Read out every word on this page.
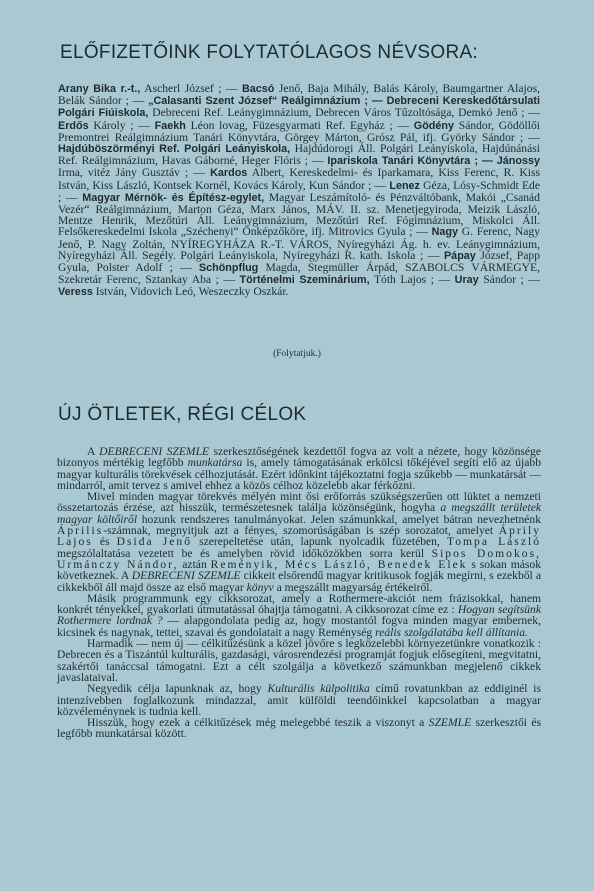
ELŐFIZETŐINK FOLYTATÓLAGOS NÉVSORA:
Arany Bika r.-t., Ascherl József ; — Bacsó Jenő, Baja Mihály, Balás Károly, Baumgartner Alajos, Belák Sándor ; — „Calasanti Szent József“ Reálgimnázium ; — Debreceni Kereskedőtársulati Polgári Fiúiskola, Debreceni Ref. Leánygimnázium, Debrecen Város Tűzoltósága, Demkó Jenő ; — Erdős Károly ; — Faekh Léon lovag, Füzesgyarmati Ref. Egyház ; — Gödény Sándor, Gödöllői Premontrei Reálgimnázium Tanári Könyvtára, Görgey Márton, Grósz Pál, ifj. Györky Sándor ; — Hajdúböszörményi Ref. Polgári Leányiskola, Hajdúdorogi Áll. Polgári Leányiskola, Hajdúnánási Ref. Reálgimnázium, Havas Gáborné, Heger Flóris ; — Ipariskola Tanári Könyvtára ; — Jánossy Irma, vitéz Jány Gusztáv ; — Kardos Albert, Kereskedelmi- és Iparkamara, Kiss Ferenc, R. Kiss István, Kiss László, Kontsek Kornél, Kovács Károly, Kun Sándor ; — Lenez Géza, Lósy-Schmidt Ede ; — Magyar Mérnök- és Építész-egylet, Magyar Leszámítoló- és Pénzváltóbank, Makói „Csanád Vezér“ Reálgimnázium, Marton Géza, Marx János, MÁV. II. sz. Menetjegyiroda, Meizik László, Mentze Henrik, Mezőtúri Áll. Leánygimnázium, Mezőtúri Ref. Fógimnázium, Miskolci Áll. Felsőkereskedelmi Iskola „Széchenyi“ Önképzőköre, ifj. Mitrovics Gyula ; — Nagy G. Ferenc, Nagy Jenő, P. Nagy Zoltán, NYÍREGYHÁZA R.-T. VÁROS, Nyíregyházi Ág. h. ev. Leánygimnázium, Nyíregyházi Áll. Segély. Polgári Leányiskola, Nyíregyházi R. kath. Iskola ; — Pápay József, Papp Gyula, Polster Adolf ; — Schönpflug Magda, Stegmüller Árpád, SZABOLCS VÁRMEGYE, Szekretár Ferenc, Sztankay Aba ; — Történelmi Szeminárium, Tóth Lajos ; — Uray Sándor ; — Veress István, Vidovich Leó, Weszeczky Oszkár.
(Folytatjuk.)
ÚJ ÖTLETEK, RÉGI CÉLOK

A DEBRECENI SZEMLE szerkesztőségének kezdettől fogva az volt a nézete, hogy közönsége bizonyos mértékig legfőbb munkatársa is, amely támogatásának erkölcsi tőkéjével segíti elő az újabb magyar kulturális törekvések célhozjutását. Ezért időnkint tájékoztatni fogja szűkebb — munkatársát — mindarról, amit tervez s amivel ehhez a közös célhoz közelebb akar férkőzni.

Mivel minden magyar törekvés mélyén mint ősi erőforrás szükségszerűen ott lüktet a nemzeti összetartozás érzése, azt hisszük, természetesnek találja közönségünk, hogyha a megszállt területek magyar költőiről hozunk rendszeres tanulmányokat. Jelen számunkkal, amelyet bátran nevezhetnénk Április-számnak, megnyitjuk azt a fényes, szomorúságában is szép sorozatot, amelyet Áprily Lajos és Dsida Jenő szerepeltetése után, lapunk nyolcadik füzetében, Tompa László megszólaltatása vezetett be és amelyben rövid időközökben sorra kerül Sipos Domokos, Urmánczy Nándor, aztán Reményik, Mécs László, Benedek Elek s sokan mások következnek. A DEBRECENI SZEMLE cikkeit elsőrendű magyar kritikusok fogják megírni, s ezekből a cikkekből áll majd össze az első magyar könyv a megszállt magyarság értékeiről.

Másik programmunk egy cikksorozat, amely a Rothermere-akciót nem frázisokkal, hanem konkrét tényekkel, gyakorlati útmutatással óhajtja támogatni. A cikksorozat címe ez : Hogyan segítsünk Rothermere lordnak ? — alapgondolata pedig az, hogy mostantól fogva minden magyar embernek, kicsinek és nagynak, tettei, szavai és gondolatait a nagy Reménység reális szolgálatába kell állítania.

Harmadik — nem új — célkitűzésünk a közel jövőre s legközelebbi környezetünkre vonatkozik : Debrecen és a Tiszántúl kulturális, gazdasági, városrendezési programját fogjuk elősegíteni, megvitatni, szakértői tanáccsal támogatni. Ezt a célt szolgálja a következő számunkban megjelenő cikkek javaslataival.

Negyedik célja lapunknak az, hogy Kulturális külpolitika című rovatunkban az eddiginél is intenzívebben foglalkozunk mindazzal, amit külföldi teendőinkkel kapcsolatban a magyar közvéleménynek is tudnia kell.

Hisszük, hogy ezek a célkitűzések még melegebbé teszik a viszonyt a SZEMLE szerkesztői és legfőbb munkatársai között.
